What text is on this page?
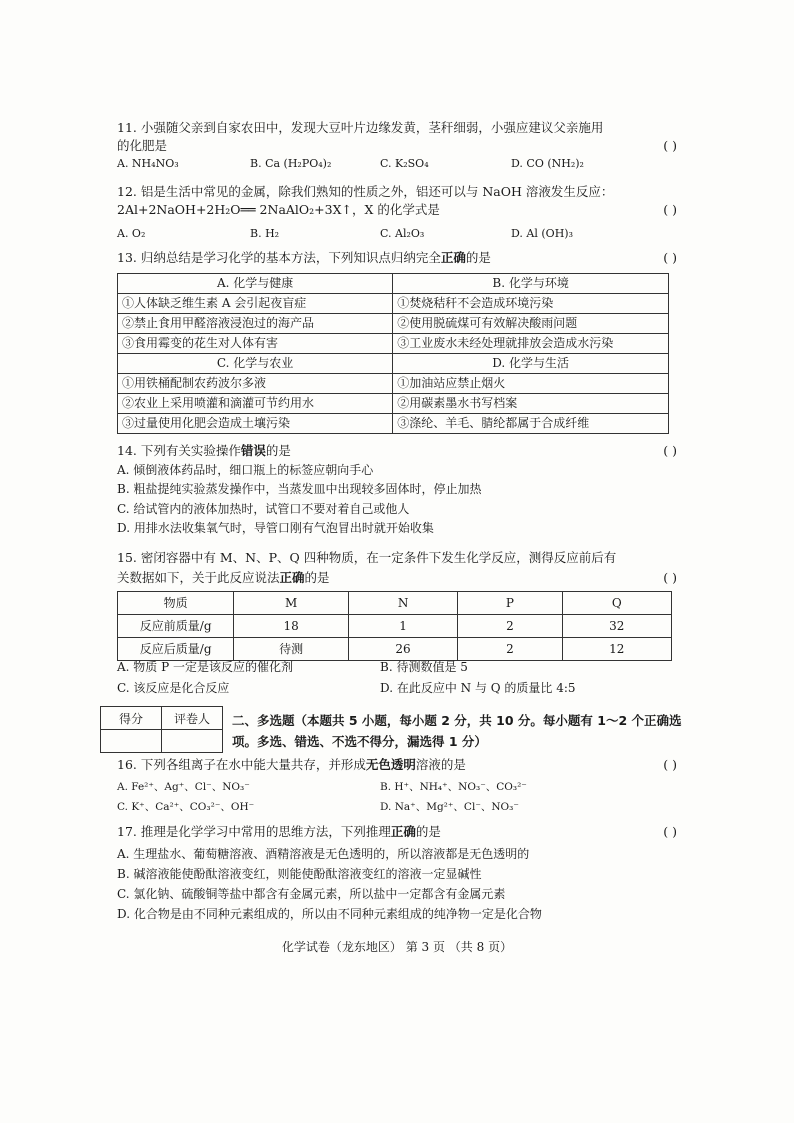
11. 小强随父亲到自家农田中，发现大豆叶片边缘发黄，茎秆细弱，小强应建议父亲施用
的化肥是	( )
A. NH₄NO₃	B. Ca (H₂PO₄)₂	C. K₂SO₄	D. CO (NH₂)₂
12. 铝是生活中常见的金属，除我们熟知的性质之外，铝还可以与 NaOH 溶液发生反应：
2Al+2NaOH+2H₂O══ 2NaAlO₂+3X↑，X 的化学式是	( )
A. O₂	B. H₂	C. Al₂O₃	D. Al (OH)₃
13. 归纳总结是学习化学的基本方法，下列知识点归纳完全正确的是	( )
A. 化学与健康	B. 化学与环境
①人体缺乏维生素 A 会引起夜盲症	①焚烧秸秆不会造成环境污染
②禁止食用甲醛溶液浸泡过的海产品	②使用脱硫煤可有效解决酸雨问题
③食用霉变的花生对人体有害	③工业废水未经处理就排放会造成水污染
C. 化学与农业	D. 化学与生活
①用铁桶配制农药波尔多液	①加油站应禁止烟火
②农业上采用喷灌和滴灌可节约用水	②用碳素墨水书写档案
③过量使用化肥会造成土壤污染	③涤纶、羊毛、腈纶都属于合成纤维
14. 下列有关实验操作错误的是	( )
A. 倾倒液体药品时，细口瓶上的标签应朝向手心
B. 粗盐提纯实验蒸发操作中，当蒸发皿中出现较多固体时，停止加热
C. 给试管内的液体加热时，试管口不要对着自己或他人
D. 用排水法收集氧气时，导管口刚有气泡冒出时就开始收集
15. 密闭容器中有 M、N、P、Q 四种物质，在一定条件下发生化学反应，测得反应前后有
关数据如下，关于此反应说法正确的是	( )
物质	M	N	P	Q
反应前质量/g	18	1	2	32
反应后质量/g	待测	26	2	12
A. 物质 P 一定是该反应的催化剂	B. 待测数值是 5
C. 该反应是化合反应	D. 在此反应中 N 与 Q 的质量比 4:5
得分	评卷人
	二、多选题（本题共 5 小题，每小题 2 分，共 10 分。每小题有 1～2 个正确选项。多选、错选、不选不得分，漏选得 1 分）
16. 下列各组离子在水中能大量共存，并形成无色透明溶液的是	( )
A. Fe²⁺、Ag⁺、Cl⁻、NO₃⁻	B. H⁺、NH₄⁺、NO₃⁻、CO₃²⁻
C. K⁺、Ca²⁺、CO₃²⁻、OH⁻	D. Na⁺、Mg²⁺、Cl⁻、NO₃⁻
17. 推理是化学学习中常用的思维方法，下列推理正确的是	( )
A. 生理盐水、葡萄糖溶液、酒精溶液是无色透明的，所以溶液都是无色透明的
B. 碱溶液能使酚酞溶液变红，则能使酚酞溶液变红的溶液一定显碱性
C. 氯化钠、硫酸铜等盐中都含有金属元素，所以盐中一定都含有金属元素
D. 化合物是由不同种元素组成的，所以由不同种元素组成的纯净物一定是化合物
化学试卷（龙东地区） 第 3 页 （共 8 页）
